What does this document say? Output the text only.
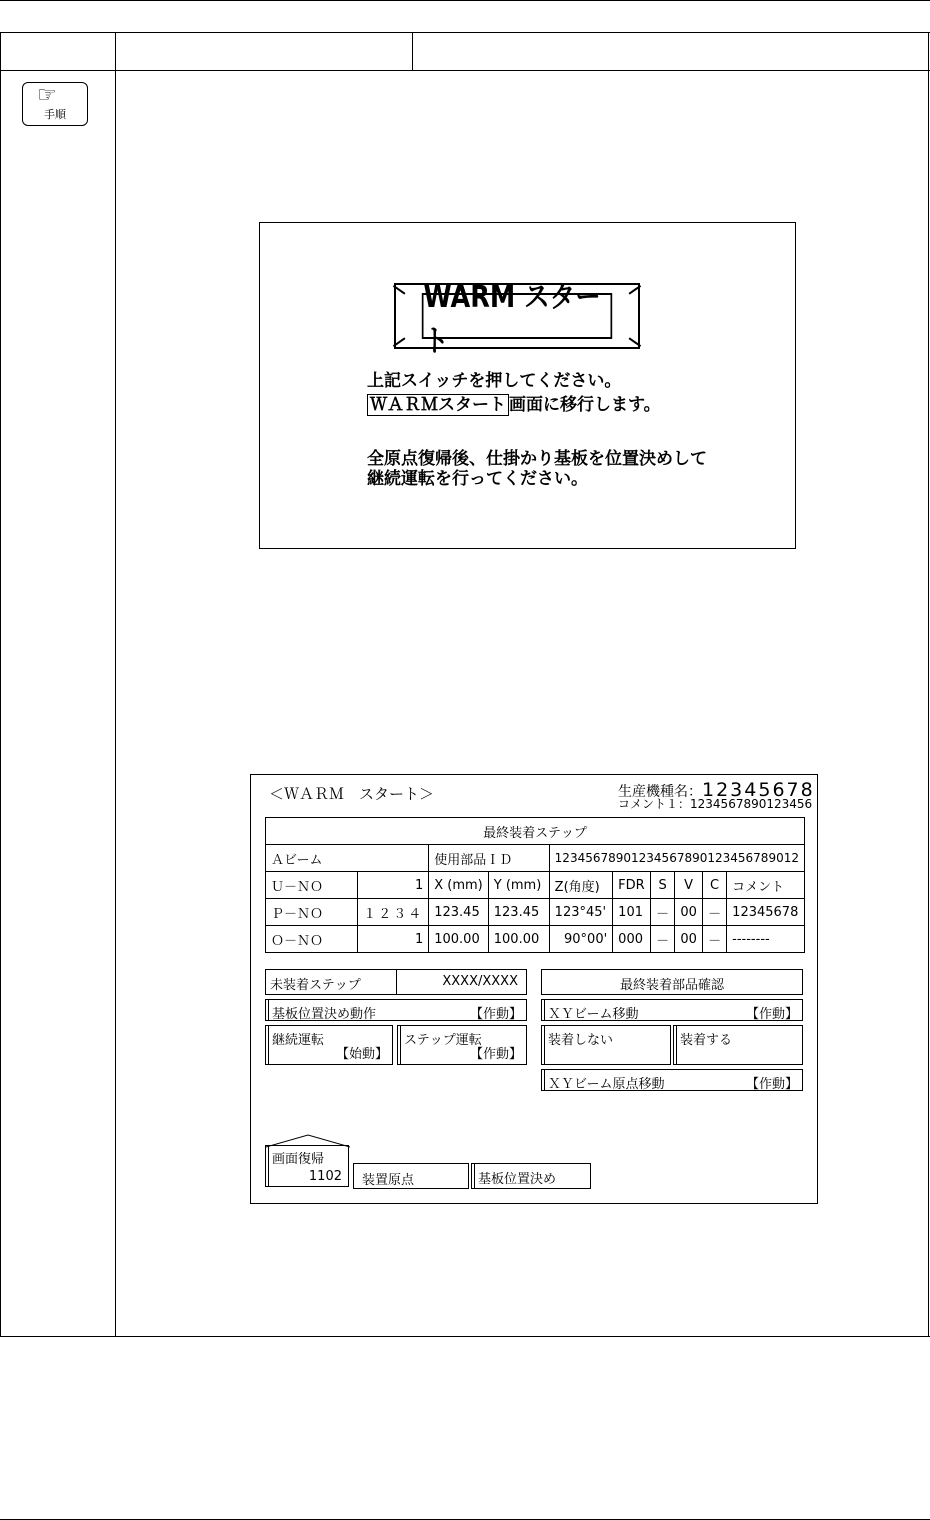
☞
手順
WARM スタート
上記スイッチを押してください。
ＷＡＲＭスタート 画面に移行します。
全原点復帰後、仕掛かり基板を位置決めして
継続運転を行ってください。
＜ＷＡＲＭ　スタート＞	生産機種名：12345678
コメント１：1234567890123456
最終装着ステップ									
Ａビーム		使用部品ＩＤ		12345678901234567890123456789012					
Ｕ－ＮＯ	1	X (mm)	Y (mm)	Z(角度)	FDR	S	V	C	コメント
Ｐ－ＮＯ	１２３４	123.45	123.45	123°45'	101	－	00	－	12345678
Ｏ－ＮＯ	1	100.00	100.00	90°00'	000	－	00	－	--------
未装着ステップ	XXXX/XXXX
基板位置決め動作	【作動】
継続運転
【始動】
ステップ運転
【作動】
最終装着部品確認
ＸＹビーム移動	【作動】
装着しない	装着する
ＸＹビーム原点移動	【作動】
画面復帰
1102 装置原点	基板位置決め
